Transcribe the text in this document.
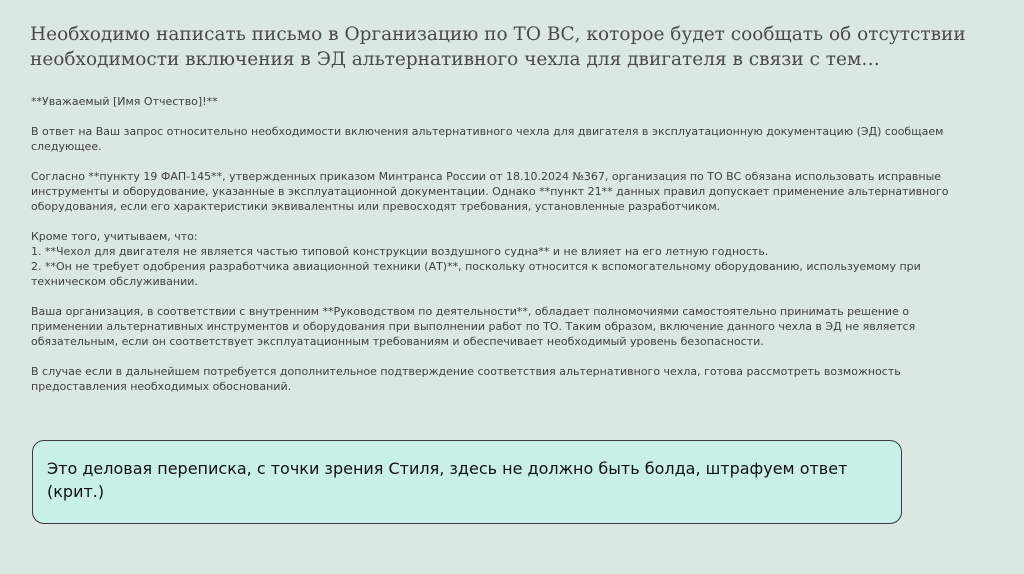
Необходимо написать письмо в Организацию по ТО ВС, которое будет сообщать об отсутствии необходимости включения в ЭД альтернативного чехла для двигателя в связи с тем…

**Уважаемый [Имя Отчество]!**

В ответ на Ваш запрос относительно необходимости включения альтернативного чехла для двигателя в эксплуатационную документацию (ЭД) сообщаем следующее.

Согласно **пункту 19 ФАП-145**, утвержденных приказом Минтранса России от 18.10.2024 №367, организация по ТО ВС обязана использовать исправные инструменты и оборудование, указанные в эксплуатационной документации. Однако **пункт 21** данных правил допускает применение альтернативного оборудования, если его характеристики эквивалентны или превосходят требования, установленные разработчиком.

Кроме того, учитываем, что:

1. **Чехол для двигателя не является частью типовой конструкции воздушного судна** и не влияет на его летную годность.

2. **Он не требует одобрения разработчика авиационной техники (АТ)**, поскольку относится к вспомогательному оборудованию, используемому при техническом обслуживании.

Ваша организация, в соответствии с внутренним **Руководством по деятельности**, обладает полномочиями самостоятельно принимать решение о применении альтернативных инструментов и оборудования при выполнении работ по ТО. Таким образом, включение данного чехла в ЭД не является обязательным, если он соответствует эксплуатационным требованиям и обеспечивает необходимый уровень безопасности.

В случае если в дальнейшем потребуется дополнительное подтверждение соответствия альтернативного чехла, готова рассмотреть возможность предоставления необходимых обоснований.

Это деловая переписка, с точки зрения Стиля, здесь не должно быть болда, штрафуем ответ (крит.)
